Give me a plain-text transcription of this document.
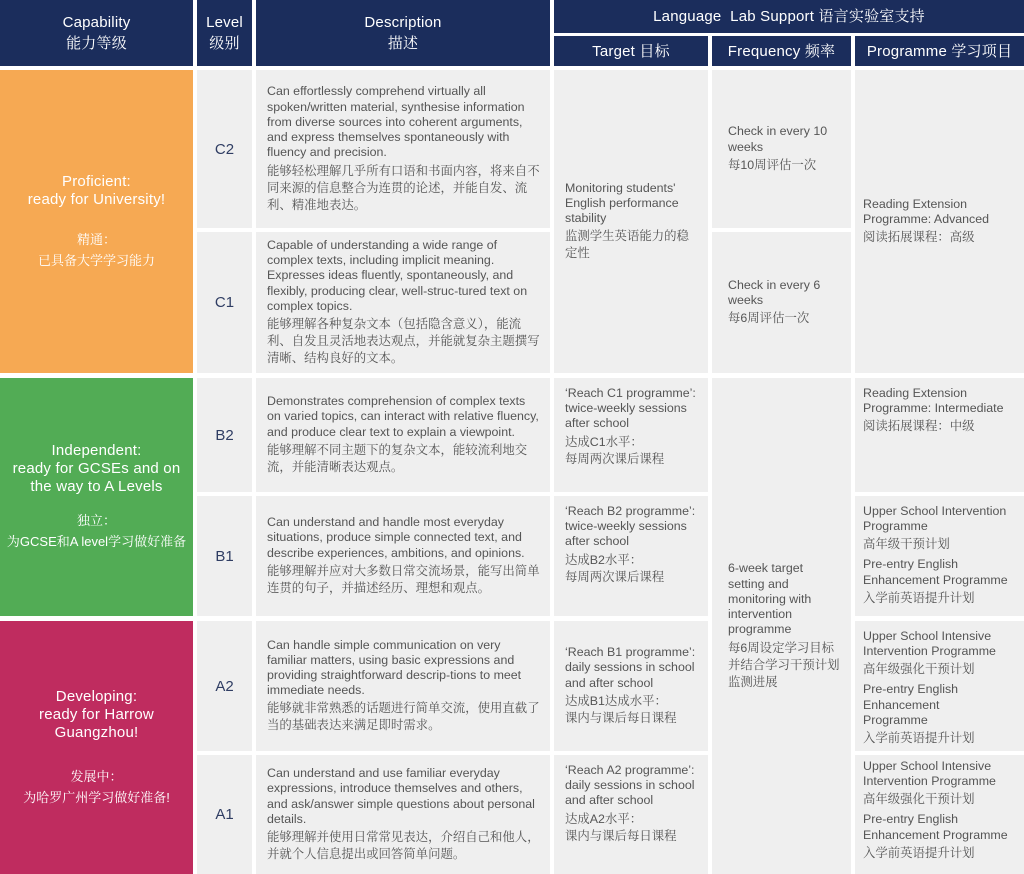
Capability
能力等级
Level
级别
Description
描述
Language  Lab Support 语言实验室支持
Target 目标	Frequency 频率 Programme 学习项目
Proficient:
ready for University!
精通：
已具备大学学习能力
Independent:
ready for GCSEs and on the way to A Levels
独立：
为GCSE和A level学习做好准备
Developing:
ready for Harrow Guangzhou!
发展中：
为哈罗广州学习做好准备!
C2
C1
B2
B1
A2
A1
Can effortlessly comprehend virtually all spoken/written material, synthesise information from diverse sources into coherent arguments, and express themselves spontaneously with fluency and precision.
能够轻松理解几乎所有口语和书面内容，将来自不同来源的信息整合为连贯的论述，并能自发、流利、精准地表达。
Capable of understanding a wide range of complex texts, including implicit meaning. Expresses ideas fluently, spontaneously, and flexibly, producing clear, well-struc-tured text on complex topics.
能够理解各种复杂文本（包括隐含意义），能流利、自发且灵活地表达观点，并能就复杂主题撰写清晰、结构良好的文本。
Demonstrates comprehension of complex texts on varied topics, can interact with relative fluency, and produce clear text to explain a viewpoint.
能够理解不同主题下的复杂文本，能较流利地交流，并能清晰表达观点。
Can understand and handle most everyday situations, produce simple connected text, and describe experiences, ambitions, and opinions.
能够理解并应对大多数日常交流场景，能写出简单连贯的句子，并描述经历、理想和观点。
Can handle simple communication on very familiar matters, using basic expressions and providing straightforward descrip-tions to meet immediate needs.
能够就非常熟悉的话题进行简单交流，使用直截了当的基础表达来满足即时需求。
Can understand and use familiar everyday expressions, introduce themselves and others, and ask/answer simple questions about personal details.
能够理解并使用日常常见表达，介绍自己和他人，并就个人信息提出或回答简单问题。
Monitoring students' English performance stability
监测学生英语能力的稳定性
‘Reach C1 programme’: twice-weekly sessions after school
达成C1水平：
每周两次课后课程
‘Reach B2 programme’: twice-weekly sessions after school
达成B2水平：
每周两次课后课程
‘Reach B1 programme’: daily sessions in school and after school
达成B1达成水平：
课内与课后每日课程
‘Reach A2 programme’: daily sessions in school and after school
达成A2水平：
课内与课后每日课程
Check in every 10 weeks
每10周评估一次
Check in every 6 weeks
每6周评估一次
6-week target setting and monitoring with intervention programme
每6周设定学习目标并结合学习干预计划监测进展
Reading Extension Programme: Advanced
阅读拓展课程：高级
Reading Extension Programme: Intermediate
阅读拓展课程：中级
Upper School Intervention Programme
高年级干预计划
Pre-entry English Enhancement Programme
入学前英语提升计划
Upper School Intensive Intervention Programme
高年级强化干预计划
Pre-entry English Enhancement Programme
入学前英语提升计划
Upper School Intensive Intervention Programme
高年级强化干预计划
Pre-entry English Enhancement Programme
入学前英语提升计划
